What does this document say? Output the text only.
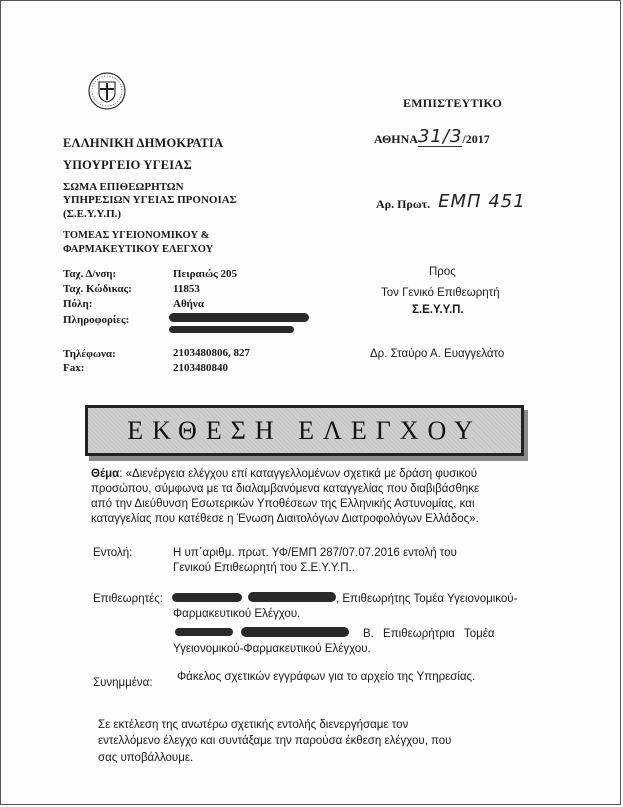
ΕΜΠΙΣΤΕΥΤΙΚΟ
ΕΛΛΗΝΙΚΗ ΔΗΜΟΚΡΑΤΙΑ
ΥΠΟΥΡΓΕΙΟ ΥΓΕΙΑΣ
ΣΩΜΑ ΕΠΙΘΕΩΡΗΤΩΝ
ΥΠΗΡΕΣΙΩΝ ΥΓΕΙΑΣ ΠΡΟΝΟΙΑΣ
(Σ.Ε.Υ.Υ.Π.)
ΤΟΜΕΑΣ ΥΓΕΙΟΝΟΜΙΚΟΥ &
ΦΑΡΜΑΚΕΥΤΙΚΟΥ ΕΛΕΓΧΟΥ
ΑΘΗΝΑ 31/3 /2017
Αρ. Πρωτ. ΕΜΠ 451
Ταχ. Δ/νση:	Πειραιώς 205
Ταχ. Κώδικας:	11853
Πόλη:	Αθήνα
Πληροφορίες:
Τηλέφωνα:	2103480806, 827
Fax:	2103480840
Προς
Τον Γενικό Επιθεωρητή
Σ.Ε.Υ.Υ.Π.
Δρ. Σταύρο Α. Ευαγγελάτο
ΕΚΘΕΣΗ ΕΛΕΓΧΟΥ
Θέμα: «Διενέργεια ελέγχου επί καταγγελλομένων σχετικά με δράση φυσικού
προσώπου, σύμφωνα με τα διαλαμβανόμενα καταγγελίας που διαβιβάσθηκε
από την Διεύθυνση Εσωτερικών Υποθέσεων της Ελληνικής Αστυνομίας, και
καταγγελίας που κατέθεσε η Ένωση Διαιτολόγων Διατροφολόγων Ελλάδος».
Εντολή:	Η υπ΄αριθμ. πρωτ. ΥΦ/ΕΜΠ 287/07.07.2016 εντολή του
Γενικού Επιθεωρητή του Σ.Ε.Υ.Υ.Π..
Επιθεωρητές:	, Επιθεωρήτης Τομέα Υγειονομικού-
Φαρμακευτικού Ελέγχου.
Β. Επιθεωρήτρια Τομέα
Υγειονομικού-Φαρμακευτικού Ελέγχου.
Συνημμένα: Φάκελος σχετικών εγγράφων για το αρχείο της Υπηρεσίας.
Σε εκτέλεση της ανωτέρω σχετικής εντολής διενεργήσαμε τον
εντελλόμενο έλεγχο και συντάξαμε την παρούσα έκθεση ελέγχου, που
σας υποβάλλουμε.
